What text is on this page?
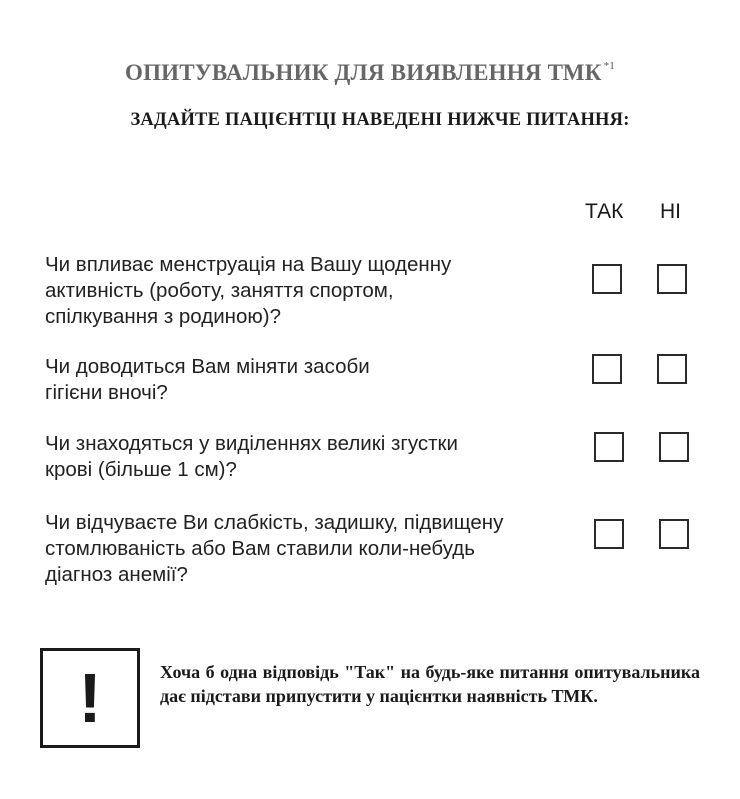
ОПИТУВАЛЬНИК ДЛЯ ВИЯВЛЕННЯ ТМК $^{*1}$
ЗАДАЙТЕ ПАЦІЄНТЦІ НАВЕДЕНІ НИЖЧЕ ПИТАННЯ:
ТАК НІ
Чи впливає менструація на Вашу щоденну
активність (роботу, заняття спортом,
спілкування з родиною)?
Чи доводиться Вам міняти засоби
гігієни вночі?
Чи знаходяться у виділеннях великі згустки
крові (більше 1 см)?
Чи відчуваєте Ви слабкість, задишку, підвищену
стомлюваність або Вам ставили коли-небудь
діагноз анемії?
!	Хоча б одна відповідь "Так" на будь-яке питання опитувальника дає підстави припустити у пацієнтки наявність ТМК.
